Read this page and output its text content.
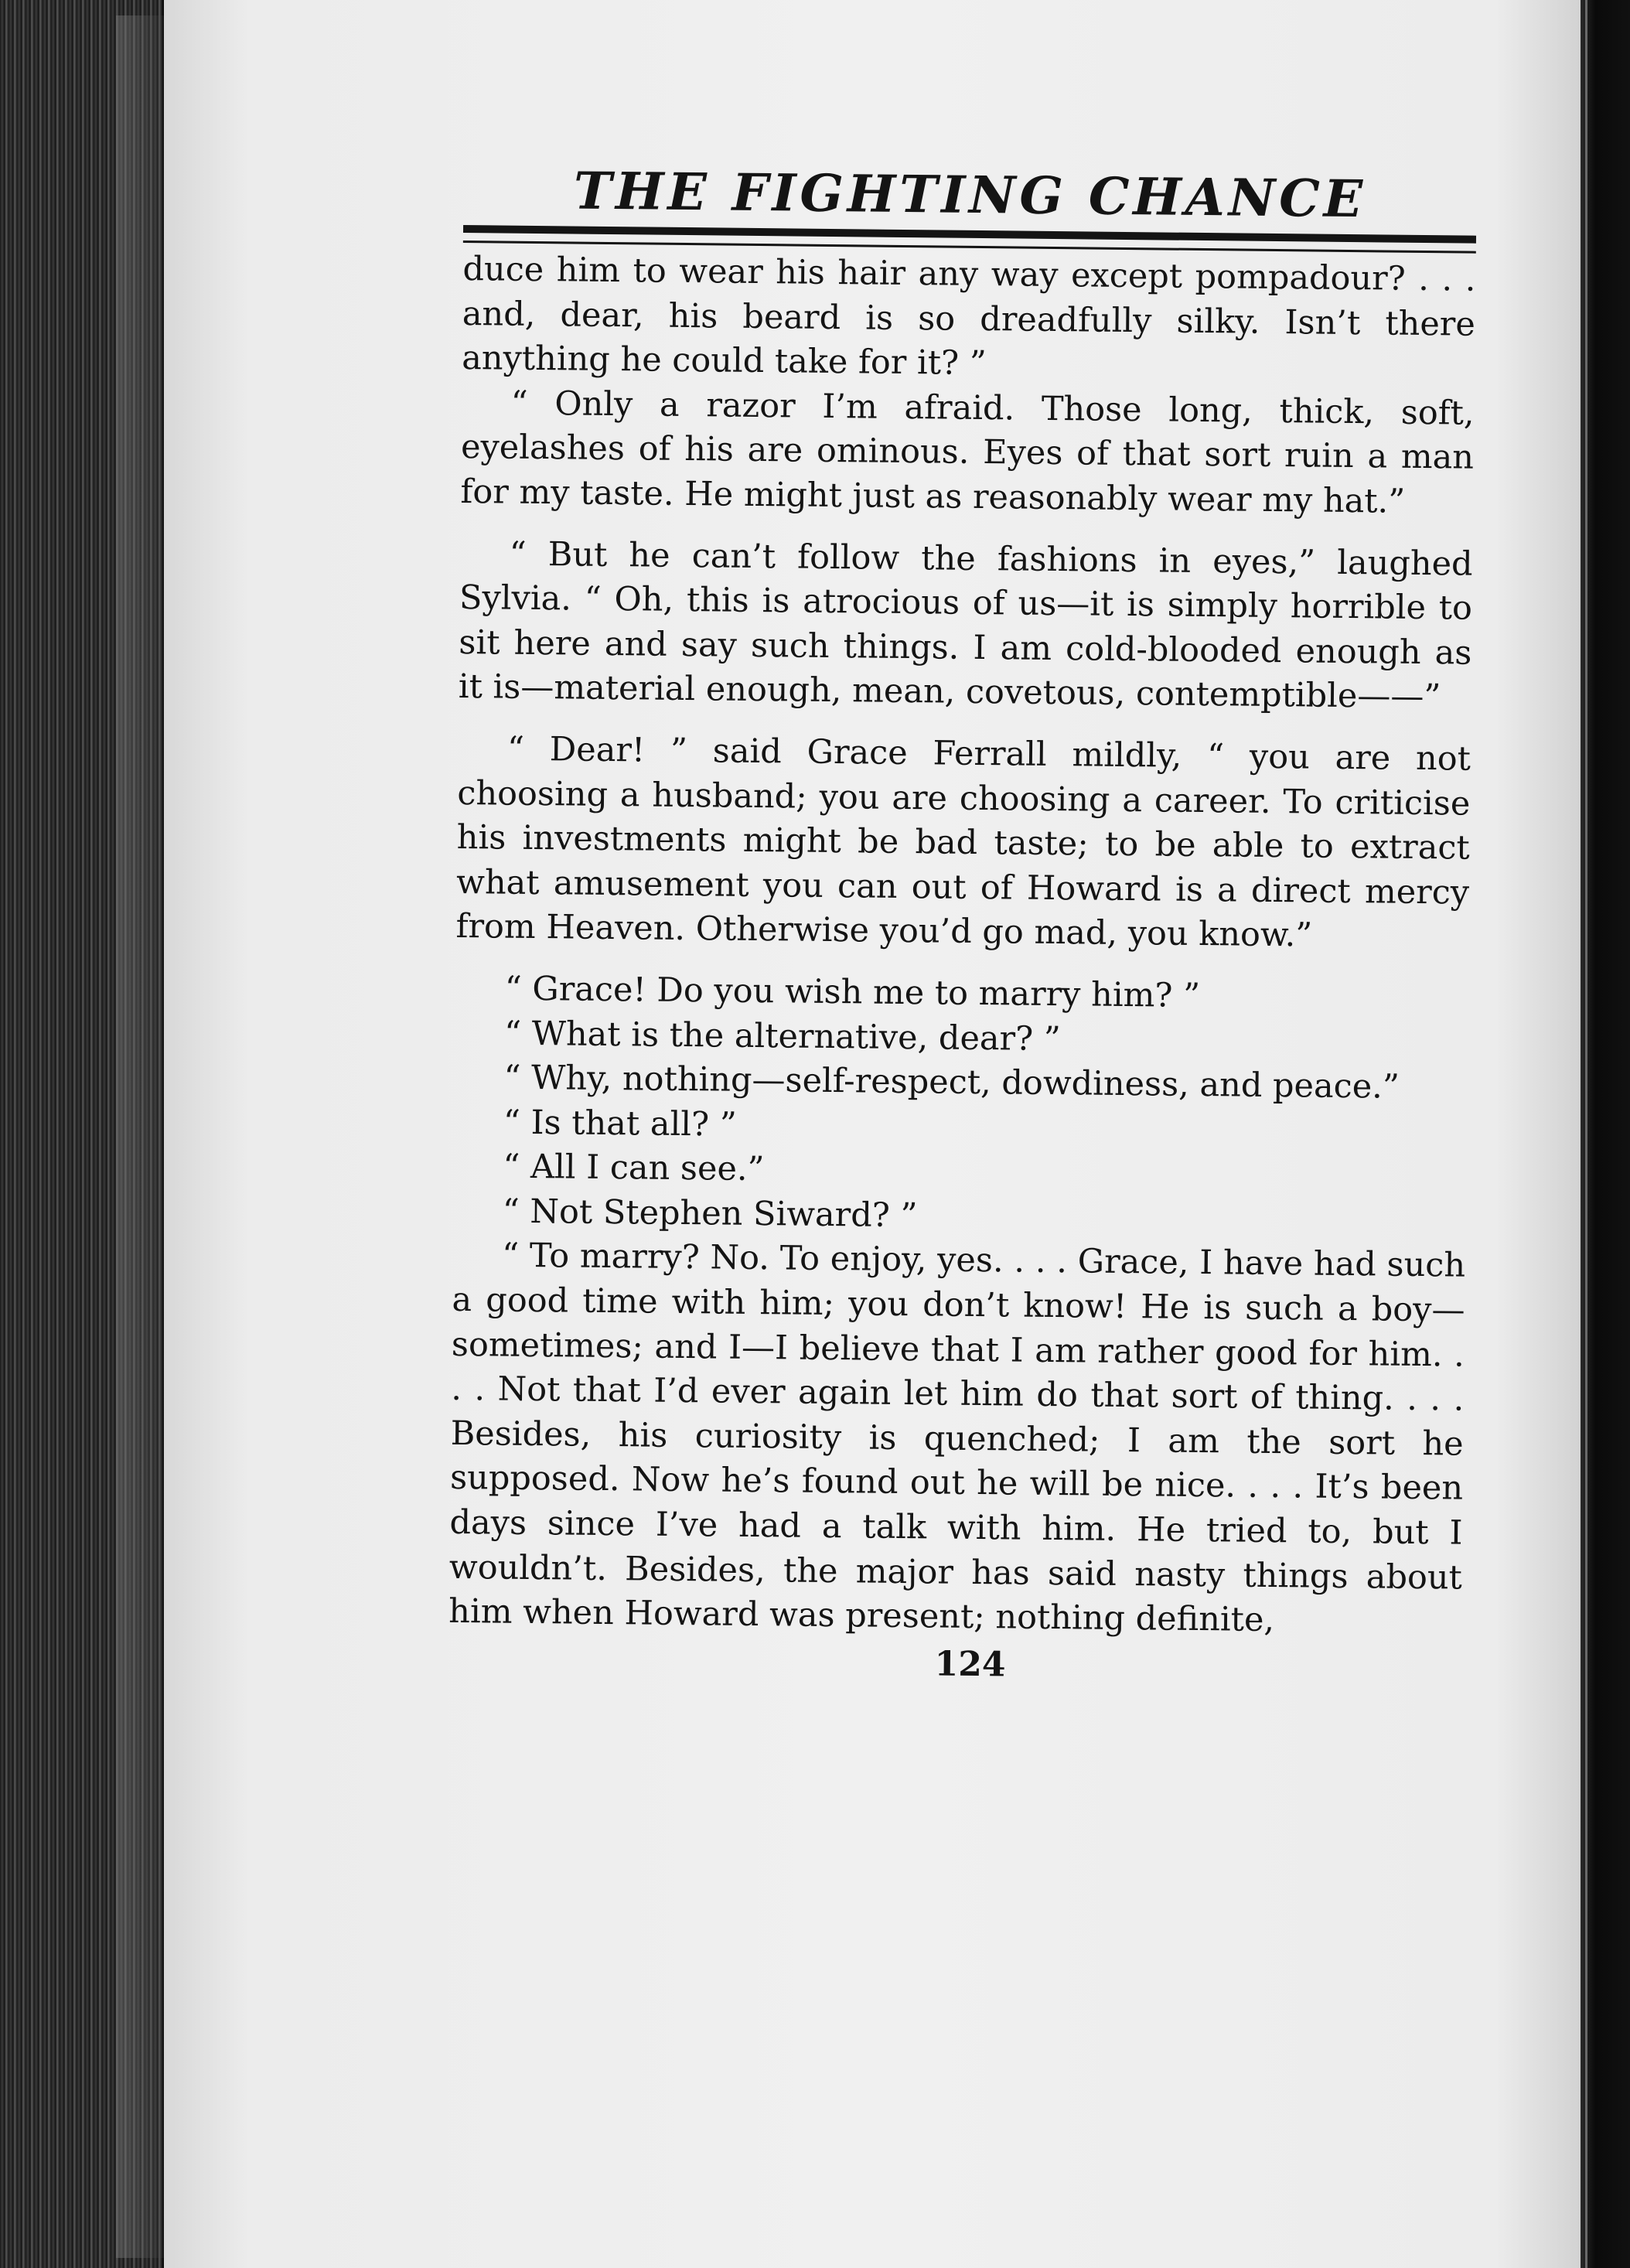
THE FIGHTING CHANCE

duce him to wear his hair any way except pompadour? . . . and, dear, his beard is so dreadfully silky. Isn’t there anything he could take for it? ”

“ Only a razor I’m afraid. Those long, thick, soft, eyelashes of his are ominous. Eyes of that sort ruin a man for my taste. He might just as reasonably wear my hat.”

“ But he can’t follow the fashions in eyes,” laughed Sylvia. “ Oh, this is atrocious of us—it is simply horrible to sit here and say such things. I am cold-blooded enough as it is—material enough, mean, covetous, contemptible——”

“ Dear! ” said Grace Ferrall mildly, “ you are not choosing a husband; you are choosing a career. To criticise his investments might be bad taste; to be able to extract what amusement you can out of Howard is a direct mercy from Heaven. Otherwise you’d go mad, you know.”

“ Grace! Do you wish me to marry him? ”

“ What is the alternative, dear? ”

“ Why, nothing—self-respect, dowdiness, and peace.”

“ Is that all? ”

“ All I can see.”

“ Not Stephen Siward? ”

“ To marry? No. To enjoy, yes. . . . Grace, I have had such a good time with him; you don’t know! He is such a boy—sometimes; and I—I believe that I am rather good for him. . . . Not that I’d ever again let him do that sort of thing. . . . Besides, his curiosity is quenched; I am the sort he supposed. Now he’s found out he will be nice. . . . It’s been days since I’ve had a talk with him. He tried to, but I wouldn’t. Besides, the major has said nasty things about him when Howard was present; nothing definite,

124
